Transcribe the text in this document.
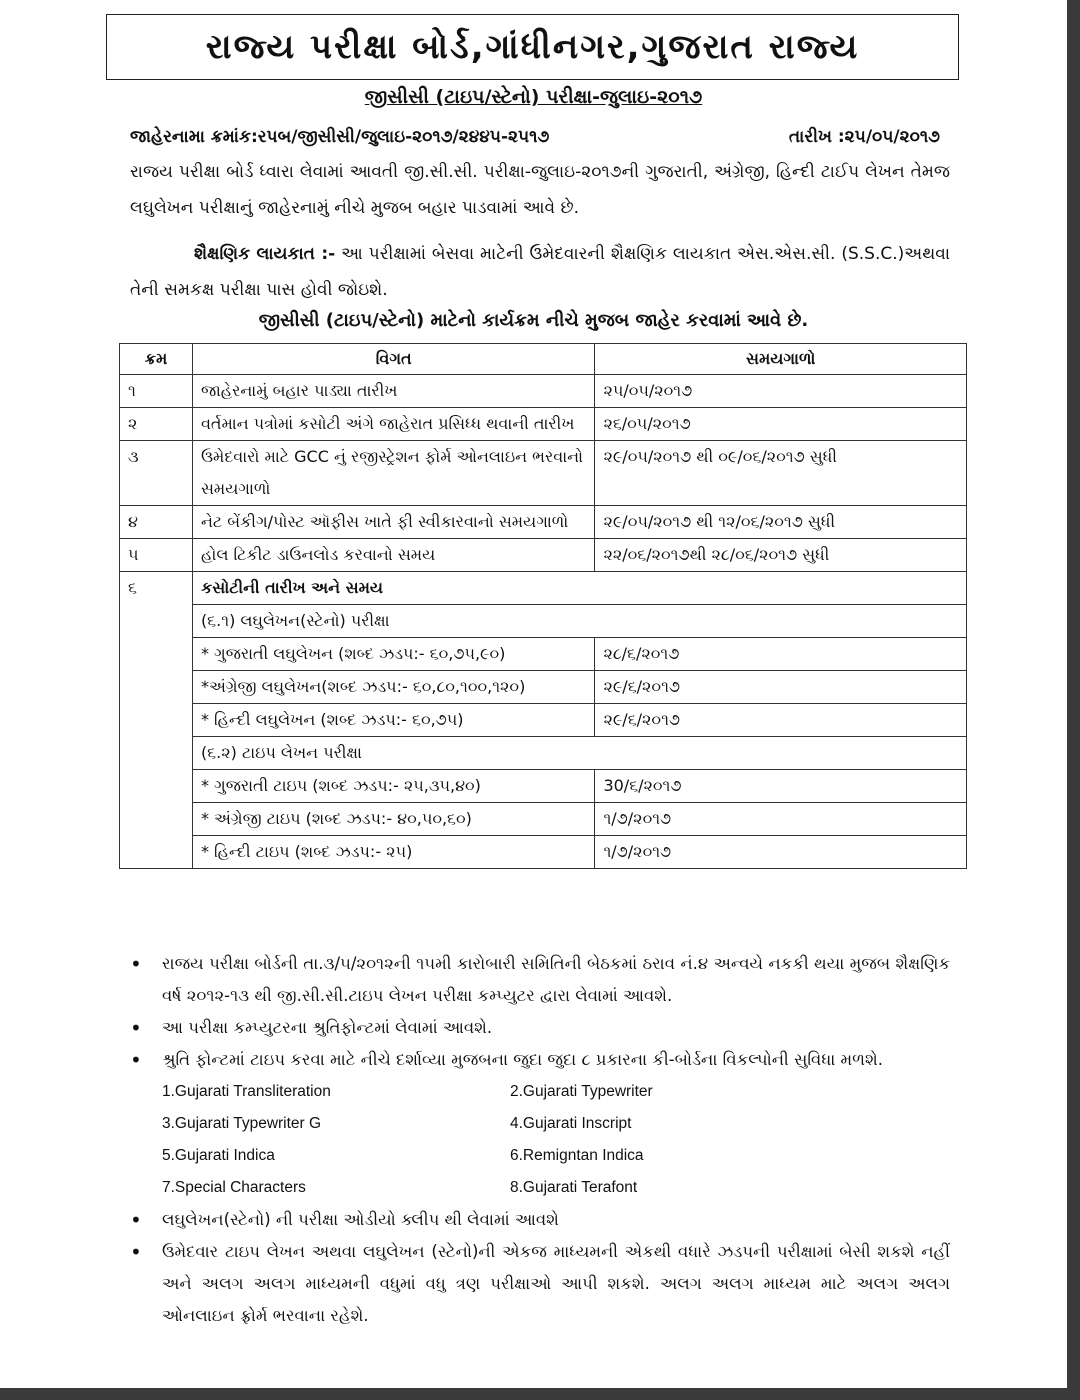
રાજ્ય પરીક્ષા બોર્ડ,ગાંધીનગર,ગુજરાત રાજ્ય
જીસીસી (ટાઇપ/સ્ટેનો) પરીક્ષા-જુલાઇ-૨૦૧૭
જાહેરનામા ક્રમાંક:રપબ/જીસીસી/જુલાઇ-૨૦૧૭/૨૪૪૫-૨૫૧૭	તારીખ :૨૫/૦૫/૨૦૧૭
રાજય પરીક્ષા બોર્ડ ધ્વારા લેવામાં આવતી જી.સી.સી. પરીક્ષા-જુલાઇ-૨૦૧૭ની ગુજરાતી, અંગ્રેજી, હિન્દી ટાઈપ લેખન તેમજ લઘુલેખન પરીક્ષાનું જાહેરનામું નીચે મુજબ બહાર પાડવામાં આવે છે.
શૈક્ષણિક લાયકાત :- આ પરીક્ષામાં બેસવા માટેની ઉમેદવારની શૈક્ષણિક લાયકાત એસ.એસ.સી. (S.S.C.)અથવા તેની સમકક્ષ પરીક્ષા પાસ હોવી જોઇશે.
જીસીસી (ટાઇપ/સ્ટેનો) માટેનો કાર્યક્રમ નીચે મુજબ જાહેર કરવામાં આવે છે.
ક્રમ	વિગત	સમયગાળો
૧	જાહેરનામું બહાર પાડ્યા તારીખ	૨૫/૦૫/૨૦૧૭
૨	વર્તમાન પત્રોમાં કસોટી અંગે જાહેરાત પ્રસિધ્ધ થવાની તારીખ	૨૬/૦૫/૨૦૧૭
૩	ઉમેદવારો માટે GCC નું રજીસ્ટ્રેશન ફોર્મ ઓનલાઇન ભરવાનો સમયગાળો	૨૯/૦૫/૨૦૧૭ થી ૦૯/૦૬/૨૦૧૭ સુધી
૪	નેટ બેંકીગ/પોસ્ટ ઑફીસ ખાતે ફી સ્વીકારવાનો સમયગાળો	૨૯/૦૫/૨૦૧૭ થી ૧૨/૦૬/૨૦૧૭ સુધી
૫	હોલ ટિકીટ ડાઉનલોડ કરવાનો સમય	૨૨/૦૬/૨૦૧૭થી ૨૮/૦૬/૨૦૧૭ સુધી
૬	કસોટીની તારીખ અને સમય	
	(૬.૧) લઘુલેખન(સ્ટેનો) પરીક્ષા	
	* ગુજરાતી લઘુલેખન (શબ્દ ઝડપ:- ૬૦,૭૫,૯૦)	૨૮/૬/૨૦૧૭
	*અંગ્રેજી લઘુલેખન(શબ્દ ઝડપ:- ૬૦,૮૦,૧૦૦,૧૨૦)	૨૯/૬/૨૦૧૭
	* હિન્દી લઘુલેખન (શબ્દ ઝડપ:- ૬૦,૭૫)	૨૯/૬/૨૦૧૭
	(૬.૨) ટાઇપ લેખન પરીક્ષા	
	* ગુજરાતી ટાઇપ (શબ્દ ઝડપ:- ૨૫,૩૫,૪૦)	30/૬/૨૦૧૭
	* અંગ્રેજી ટાઇપ (શબ્દ ઝડપ:- ૪૦,૫૦,૬૦)	૧/૭/૨૦૧૭
	* હિન્દી ટાઇપ (શબ્દ ઝડપ:- ૨૫)	૧/૭/૨૦૧૭
• રાજય પરીક્ષા બોર્ડની તા.૩/૫/૨૦૧૨ની ૧૫મી કારોબારી સમિતિની બેઠકમાં ઠરાવ નં.૪ અન્વયે નકકી થયા મુજબ શૈક્ષણિક વર્ષ ૨૦૧૨-૧૩ થી જી.સી.સી.ટાઇપ લેખન પરીક્ષા કમ્પ્યુટર દ્વારા લેવામાં આવશે.
• આ પરીક્ષા કમ્પ્યુટરના શ્રુતિફોન્ટમાં લેવામાં આવશે.
• શ્રુતિ ફોન્ટમાં ટાઇપ કરવા માટે નીચે દર્શાવ્યા મુજબના જુદા જુદા ૮ પ્રકારના કી-બોર્ડના વિકલ્પોની સુવિધા મળશે.
1.Gujarati Transliteration	2.Gujarati Typewriter
3.Gujarati Typewriter G	4.Gujarati Inscript
5.Gujarati Indica	6.Remigntan Indica
7.Special Characters	8.Gujarati Terafont
• લઘુલેખન(સ્ટેનો) ની પરીક્ષા ઓડીયો ક્લીપ થી લેવામાં આવશે
• ઉમેદવાર ટાઇપ લેખન અથવા લઘુલેખન (સ્ટેનો)ની એકજ માધ્યમની એકથી વધારે ઝડપની પરીક્ષામાં બેસી શકશે નહીં અને અલગ અલગ માધ્યમની વધુમાં વધુ ત્રણ પરીક્ષાઓ આપી શકશે. અલગ અલગ માધ્યમ માટે અલગ અલગ ઓનલાઇન ફ્રોર્મ ભરવાના રહેશે.
